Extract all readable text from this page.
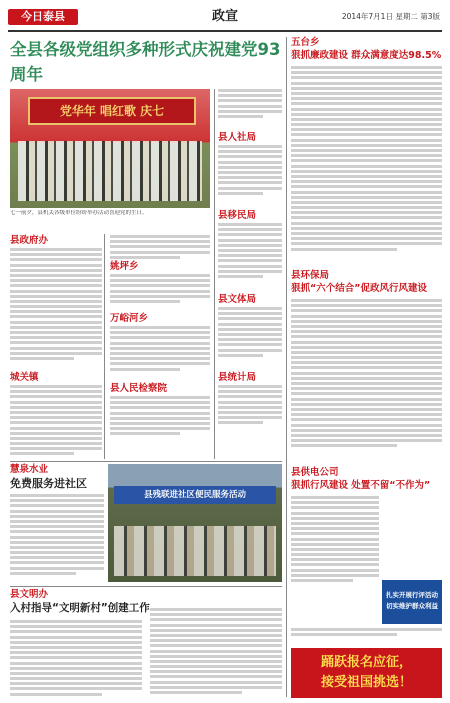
今日泰县	政宣	2014年7月1日 星期二 第3版
全县各级党组织多种形式庆祝建党93周年
党华年 唱红歌 庆七
七一前夕，县机关各级单位纷纷举办活动喜迎党的生日。
县政府办
城关镇
姚坪乡
万峪河乡
县人民检察院
县人社局
县移民局
县文体局
县统计局
五台乡
狠抓廉政建设 群众满意度达98.5%
县环保局
狠抓“六个结合”促政风行风建设
县供电公司
狠抓行风建设 处置不留“不作为”
扎实开展行评活动
切实维护群众利益
踊跃报名应征，
接受祖国挑选！
慧泉水业
免费服务进社区
县残联进社区便民服务活动
县文明办
入村指导“文明新村”创建工作
